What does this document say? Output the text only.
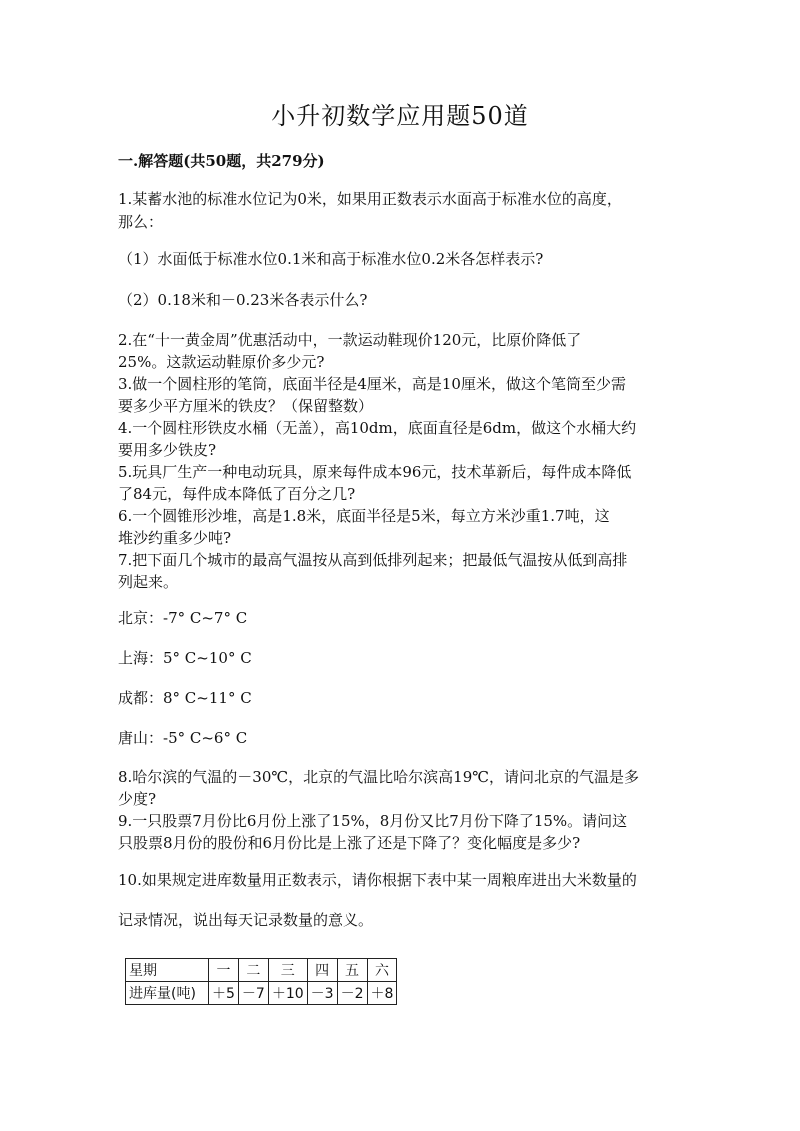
小升初数学应用题50道
一.解答题(共50题，共279分)
1.某蓄水池的标准水位记为0米，如果用正数表示水面高于标准水位的高度，
那么：
（1）水面低于标准水位0.1米和高于标准水位0.2米各怎样表示?
（2）0.18米和－0.23米各表示什么?
2.在“十一黄金周”优惠活动中，一款运动鞋现价120元，比原价降低了
25%。这款运动鞋原价多少元?
3.做一个圆柱形的笔筒，底面半径是4厘米，高是10厘米，做这个笔筒至少需
要多少平方厘米的铁皮？（保留整数）
4.一个圆柱形铁皮水桶（无盖），高10dm，底面直径是6dm，做这个水桶大约
要用多少铁皮?
5.玩具厂生产一种电动玩具，原来每件成本96元，技术革新后，每件成本降低
了84元，每件成本降低了百分之几?
6.一个圆锥形沙堆，高是1.8米，底面半径是5米，每立方米沙重1.7吨，这
堆沙约重多少吨?
7.把下面几个城市的最高气温按从高到低排列起来；把最低气温按从低到高排
列起来。
北京：-7° C~7° C
上海：5° C~10° C
成都：8° C~11° C
唐山：-5° C~6° C
8.哈尔滨的气温的－30℃，北京的气温比哈尔滨高19℃，请问北京的气温是多
少度?
9.一只股票7月份比6月份上涨了15%，8月份又比7月份下降了15%。请问这
只股票8月份的股份和6月份比是上涨了还是下降了？变化幅度是多少?
10.如果规定进库数量用正数表示，请你根据下表中某一周粮库进出大米数量的
记录情况，说出每天记录数量的意义。
星期	一	二	三	四	五	六
进库量(吨)	＋5	－7	＋10	－3	－2	＋8
